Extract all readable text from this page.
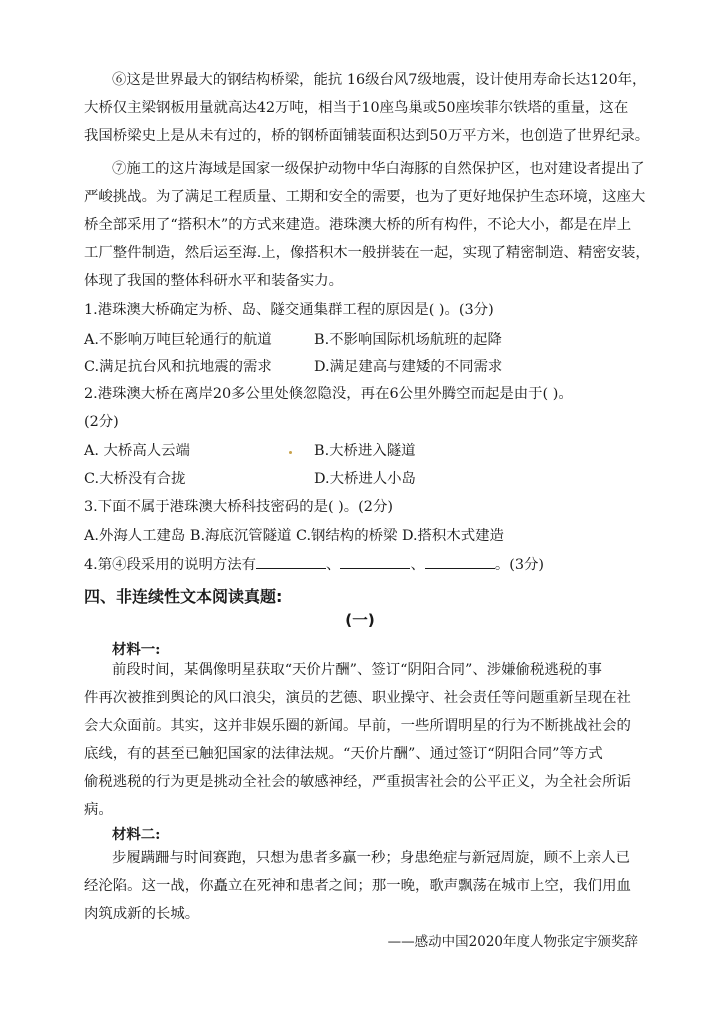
⑥这是世界最大的钢结构桥梁，能抗 16级台风7级地震，设计使用寿命长达120年，
大桥仅主梁钢板用量就高达42万吨，相当于10座鸟巢或50座埃菲尔铁塔的重量，这在
我国桥梁史上是从未有过的，桥的钢桥面铺装面积达到50万平方米，也创造了世界纪录。
⑦施工的这片海域是国家一级保护动物中华白海豚的自然保护区，也对建设者提出了
严峻挑战。为了满足工程质量、工期和安全的需要，也为了更好地保护生态环境，这座大
桥全部采用了“搭积木”的方式来建造。港珠澳大桥的所有构件，不论大小，都是在岸上
工厂整件制造，然后运至海.上，像搭积木一般拼装在一起，实现了精密制造、精密安装，
体现了我国的整体科研水平和装备实力。
1.港珠澳大桥确定为桥、岛、隧交通集群工程的原因是( )。(3分)
A.不影响万吨巨轮通行的航道	B.不影响国际机场航班的起降
C.满足抗台风和抗地震的需求	D.满足建高与建矮的不同需求
2.港珠澳大桥在离岸20多公里处倏忽隐没，再在6公里外腾空而起是由于( )。
(2分)
A. 大桥高人云端	B.大桥进入隧道
C.大桥没有合拢	D.大桥进人小岛
3.下面不属于港珠澳大桥科技密码的是( )。(2分)
A.外海人工建岛 B.海底沉管隧道 C.钢结构的桥梁 D.搭积木式建造
4.第④段采用的说明方法有	、	、	。(3分)
四、非连续性文本阅读真题:
(一)
材料一:
前段时间，某偶像明星获取“天价片酬”、签订“阴阳合同”、涉嫌偷税逃税的事
件再次被推到舆论的风口浪尖，演员的艺德、职业操守、社会责任等问题重新呈现在社
会大众面前。其实，这并非娱乐圈的新闻。早前，一些所谓明星的行为不断挑战社会的
底线，有的甚至已触犯国家的法律法规。“天价片酬”、通过签订“阴阳合同”等方式
偷税逃税的行为更是挑动全社会的敏感神经，严重损害社会的公平正义，为全社会所诟
病。
材料二:
步履蹒跚与时间赛跑，只想为患者多赢一秒；身患绝症与新冠周旋，顾不上亲人已
经沦陷。这一战，你矗立在死神和患者之间；那一晚，歌声飘荡在城市上空，我们用血
肉筑成新的长城。
——感动中国2020年度人物张定宇颁奖辞
